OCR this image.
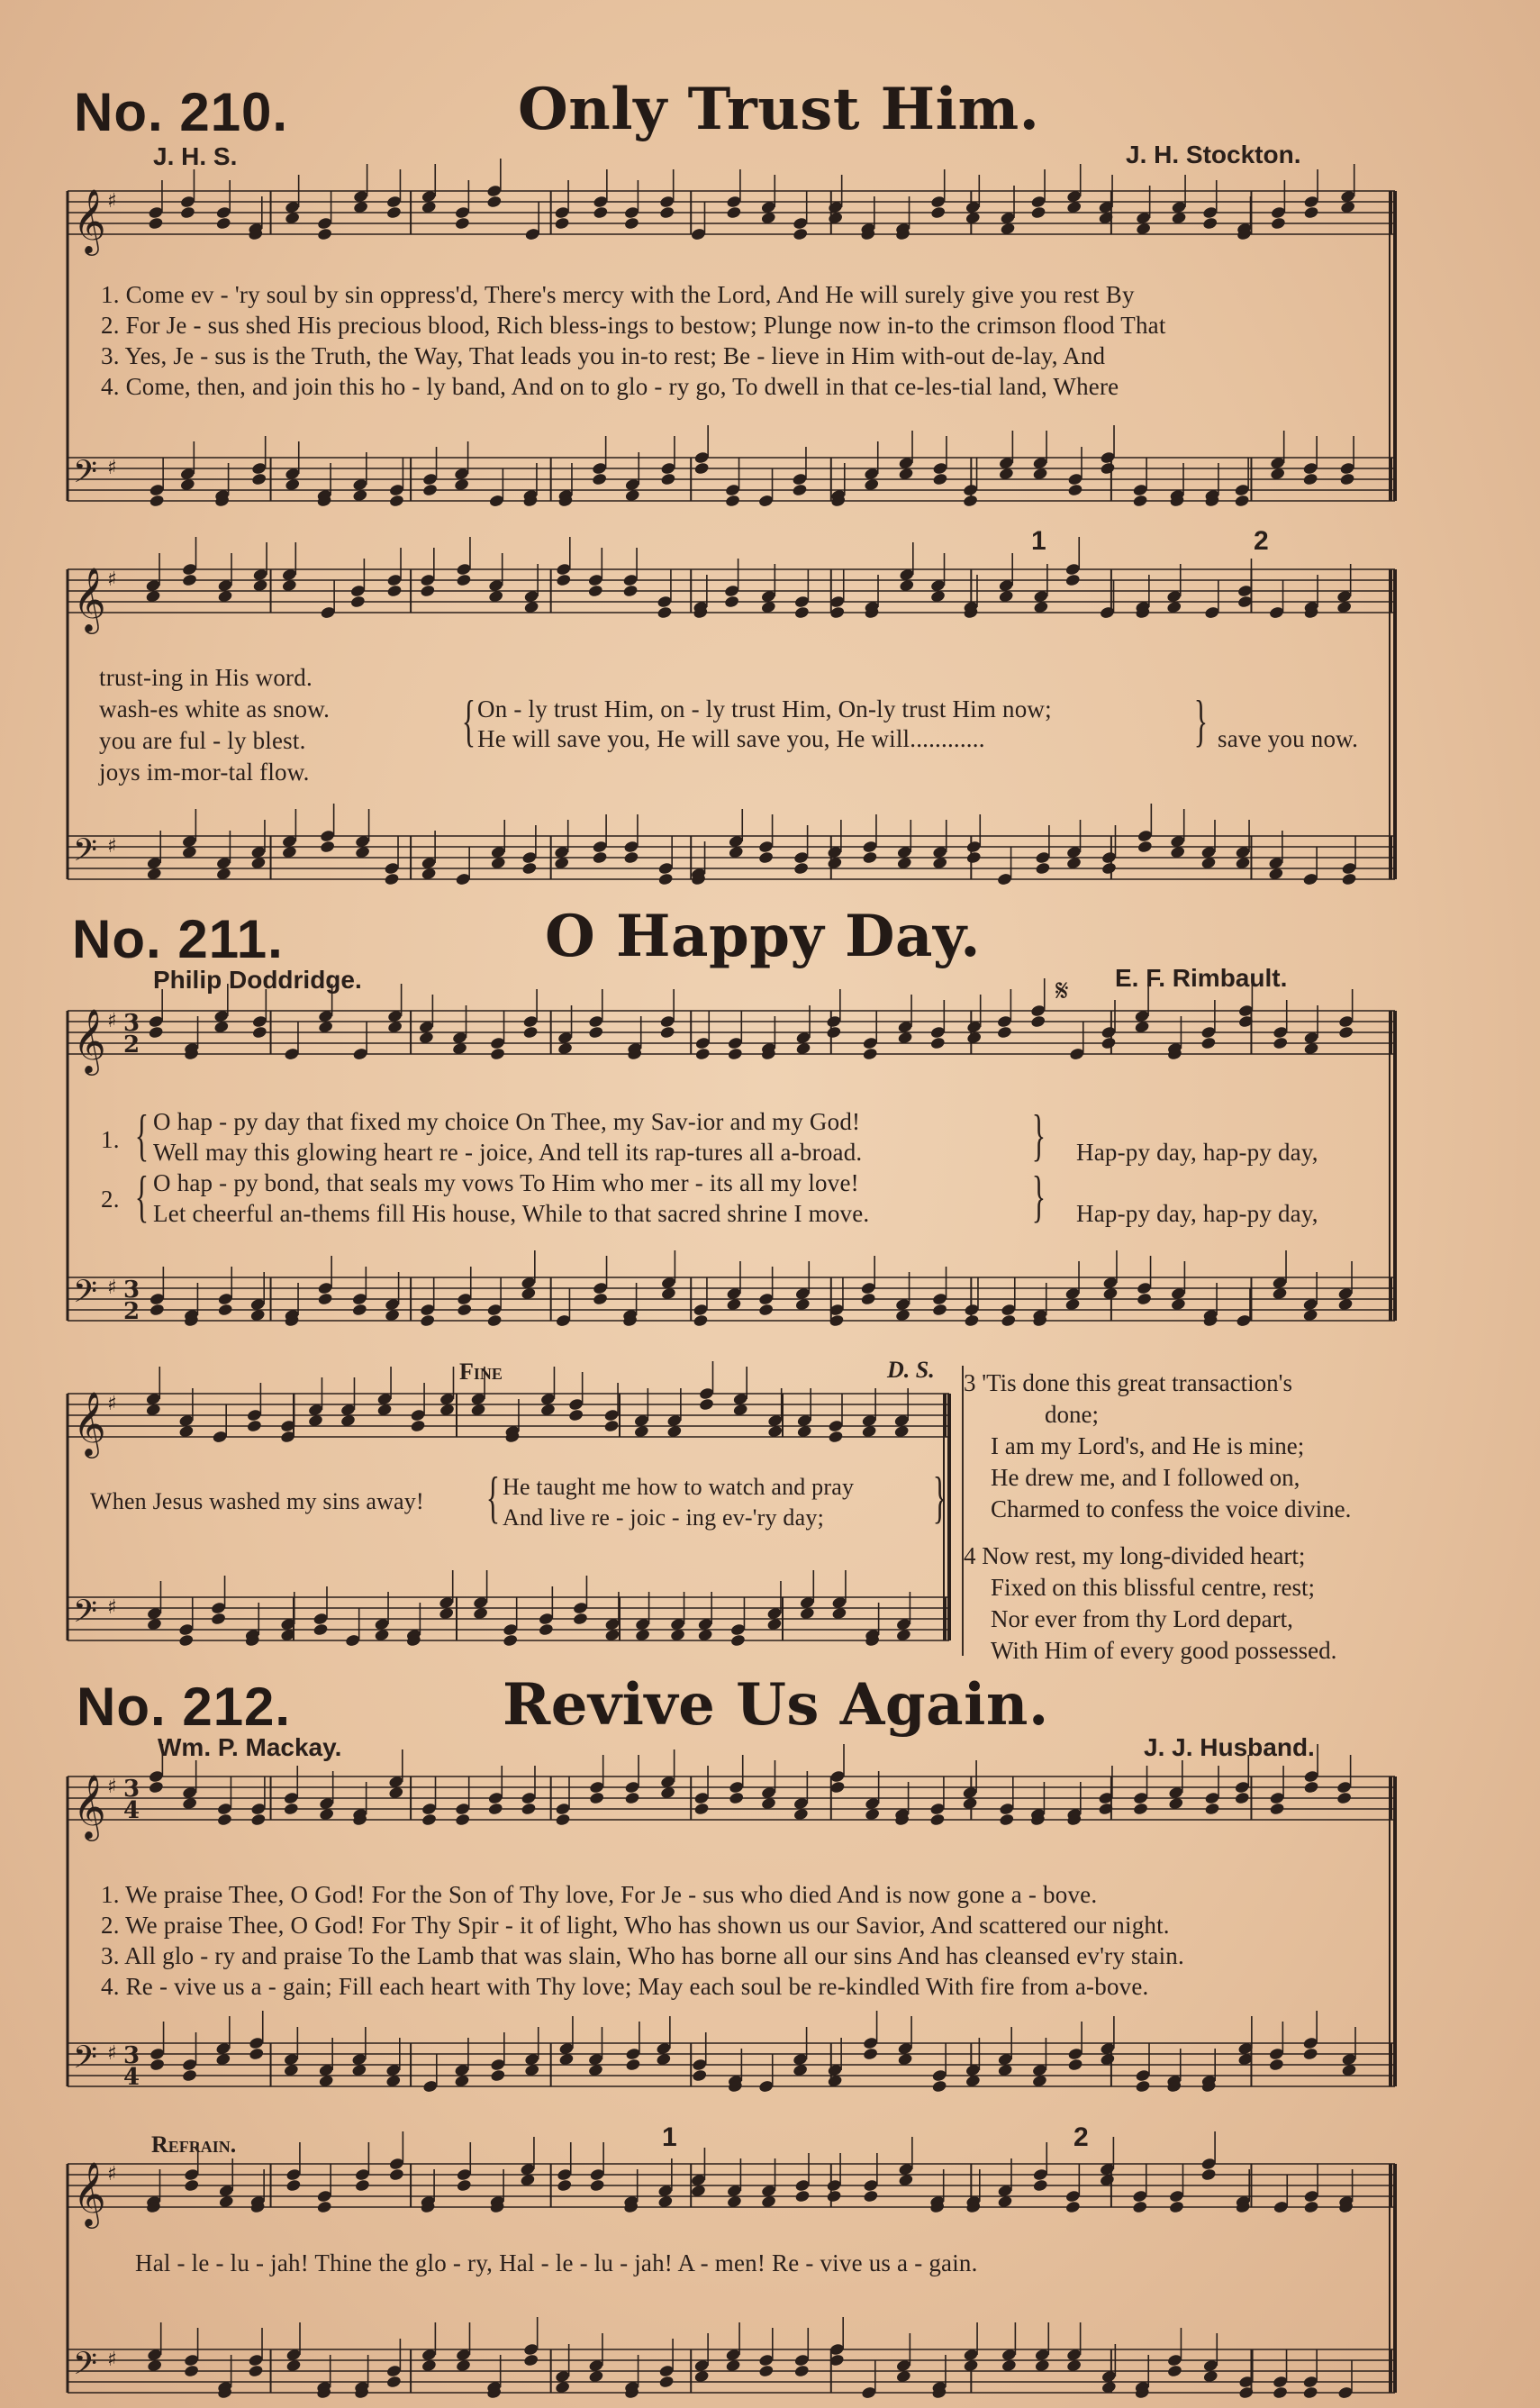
No. 210.	Only Trust Him.
J. H. S.	J. H. Stockton.
𝄞 ♯
𝄢 ♯
1. Come ev - 'ry soul by sin oppress'd, There's mercy with the Lord, And He will surely give you rest By
2. For Je - sus shed His precious blood, Rich bless-ings to bestow; Plunge now in-to the crimson flood That
3. Yes, Je - sus is the Truth, the Way, That leads you in-to rest; Be - lieve in Him with-out de-lay, And
4. Come, then, and join this ho - ly band, And on to glo - ry go, To dwell in that ce-les-tial land, Where
𝄞 ♯
𝄢 ♯
1	2
trust-ing in His word.
wash-es white as snow.
you are ful - ly blest.
joys im-mor-tal flow.
{ On - ly trust Him, on - ly trust Him, On-ly trust Him now;
He will save you, He will save you, He will............	} save you now.
No. 211.	O Happy Day.
Philip Doddridge.	E. F. Rimbault.
𝄋
𝄞 ♯
𝄢 ♯
3
2
3
2
1. { O hap - py day that fixed my choice On Thee, my Sav-ior and my God!
Well may this glowing heart re - joice, And tell its rap-tures all a-broad.	} Hap-py day, hap-py day,
2. { O hap - py bond, that seals my vows To Him who mer - its all my love!
Let cheerful an-thems fill His house, While to that sacred shrine I move.	} Hap-py day, hap-py day,
𝄞 ♯
𝄢 ♯
Fine	D. S.
When Jesus washed my sins away! { He taught me how to watch and pray
And live re - joic - ing ev-'ry day; }
3 'Tis done this great transaction's
done;
I am my Lord's, and He is mine;
He drew me, and I followed on,
Charmed to confess the voice divine.
4 Now rest, my long-divided heart;
Fixed on this blissful centre, rest;
Nor ever from thy Lord depart,
With Him of every good possessed.
No. 212.	Revive Us Again.
Wm. P. Mackay.	J. J. Husband.
𝄞 ♯
𝄢 ♯
3
4
3
4
1. We praise Thee, O God! For the Son of Thy love, For Je - sus who died And is now gone a - bove.
2. We praise Thee, O God! For Thy Spir - it of light, Who has shown us our Savior, And scattered our night.
3. All glo - ry and praise To the Lamb that was slain, Who has borne all our sins And has cleansed ev'ry stain.
4. Re - vive us a - gain; Fill each heart with Thy love; May each soul be re-kindled With fire from a-bove.
Refrain.
𝄞 ♯
𝄢 ♯
1	2
Hal - le - lu - jah! Thine the glo - ry, Hal - le - lu - jah! A - men! Re - vive us a - gain.
